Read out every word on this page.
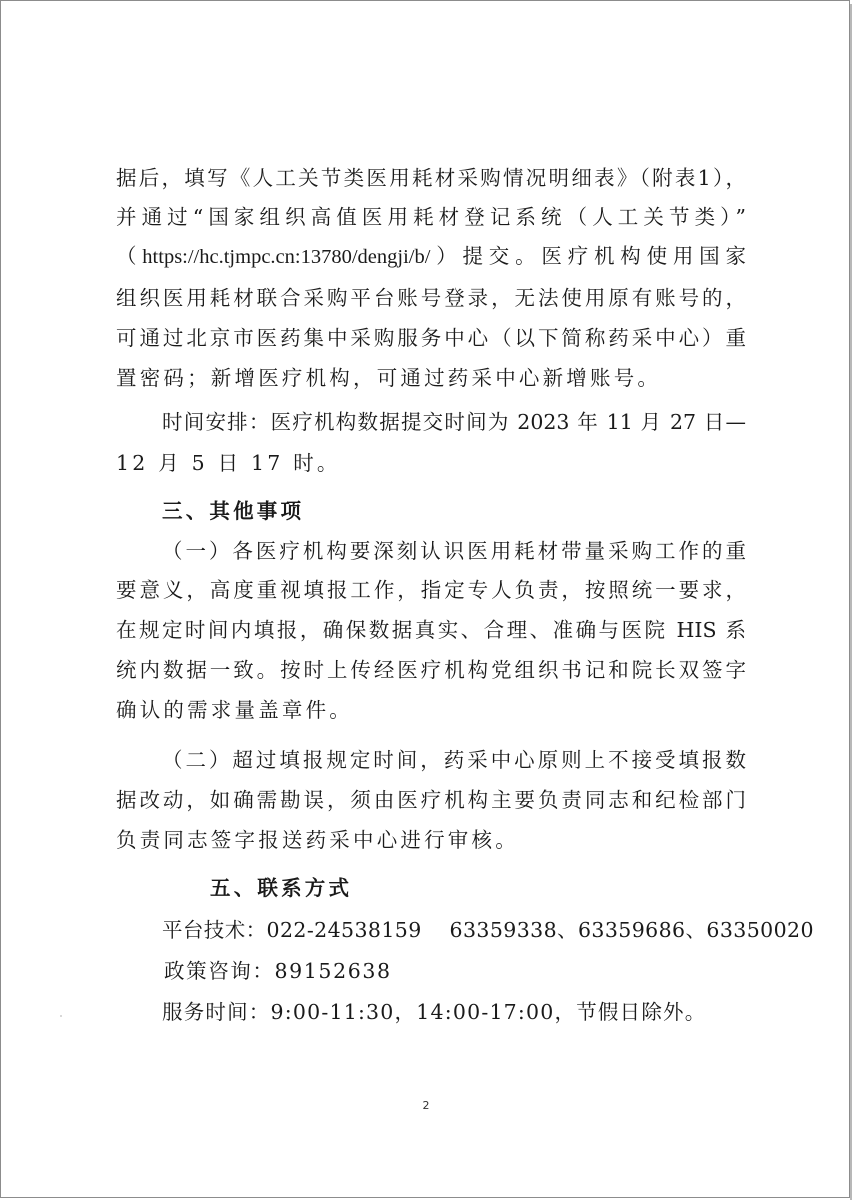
据后，填写《人工关节类医用耗材采购情况明细表》（附表1），
并通过“国家组织高值医用耗材登记系统（人工关节类）”
（https://hc.tjmpc.cn:13780/dengji/b/）提交。医疗机构使用国家
组织医用耗材联合采购平台账号登录，无法使用原有账号的，
可通过北京市医药集中采购服务中心（以下简称药采中心）重
置密码；新增医疗机构，可通过药采中心新增账号。
时间安排：医疗机构数据提交时间为 2023 年 11 月 27 日—
12 月 5 日 17 时。
三、其他事项
（一）各医疗机构要深刻认识医用耗材带量采购工作的重
要意义，高度重视填报工作，指定专人负责，按照统一要求，
在规定时间内填报，确保数据真实、合理、准确与医院 HIS 系
统内数据一致。按时上传经医疗机构党组织书记和院长双签字
确认的需求量盖章件。
（二）超过填报规定时间，药采中心原则上不接受填报数
据改动，如确需勘误，须由医疗机构主要负责同志和纪检部门
负责同志签字报送药采中心进行审核。
五、联系方式
平台技术：022-24538159　 63359338、63359686、63350020
政策咨询：89152638
服务时间：9:00-11:30，14:00-17:00，节假日除外。
2
